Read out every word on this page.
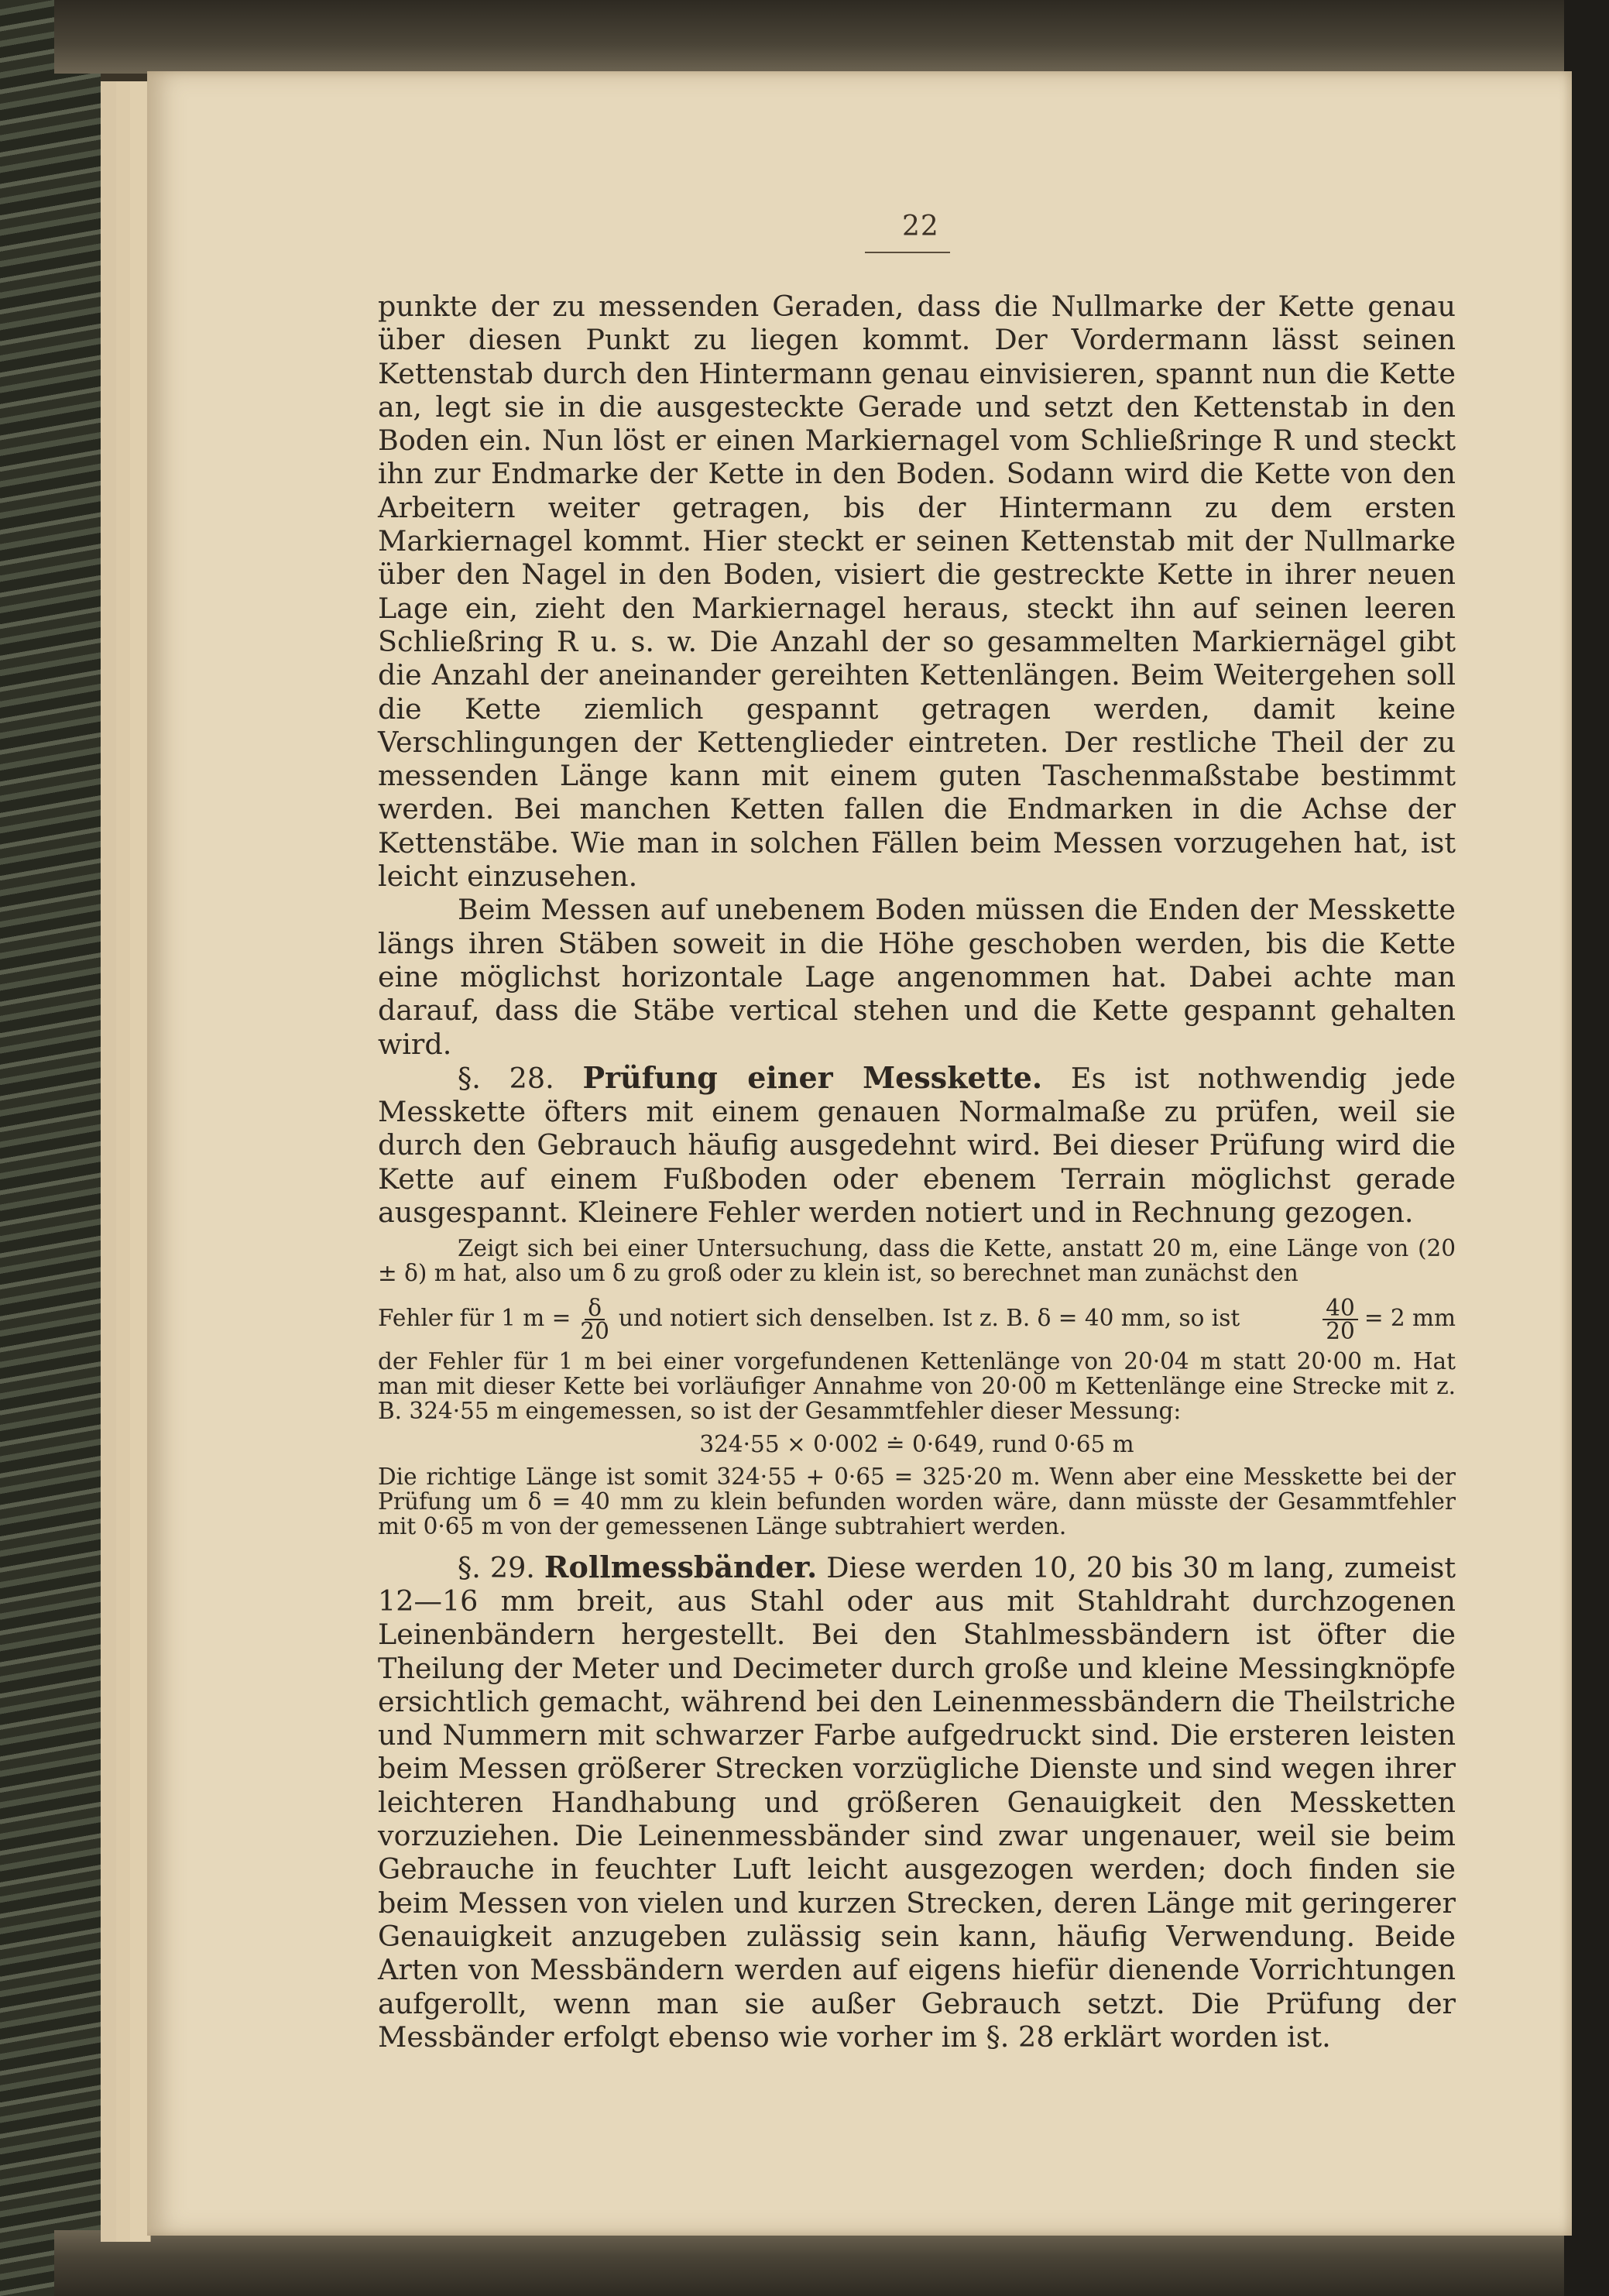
22

punkte der zu messenden Geraden, dass die Nullmarke der Kette genau über diesen Punkt zu liegen kommt. Der Vordermann lässt seinen Kettenstab durch den Hintermann genau einvisieren, spannt nun die Kette an, legt sie in die ausgesteckte Gerade und setzt den Kettenstab in den Boden ein. Nun löst er einen Markiernagel vom Schließringe R und steckt ihn zur Endmarke der Kette in den Boden. Sodann wird die Kette von den Arbeitern weiter getragen, bis der Hintermann zu dem ersten Markiernagel kommt. Hier steckt er seinen Kettenstab mit der Nullmarke über den Nagel in den Boden, visiert die gestreckte Kette in ihrer neuen Lage ein, zieht den Markiernagel heraus, steckt ihn auf seinen leeren Schließring R u. s. w. Die Anzahl der so gesammelten Markiernägel gibt die Anzahl der aneinander gereihten Kettenlängen. Beim Weitergehen soll die Kette ziemlich gespannt getragen werden, damit keine Verschlingungen der Kettenglieder eintreten. Der restliche Theil der zu messenden Länge kann mit einem guten Taschenmaßstabe bestimmt werden. Bei manchen Ketten fallen die Endmarken in die Achse der Kettenstäbe. Wie man in solchen Fällen beim Messen vorzugehen hat, ist leicht einzusehen.

Beim Messen auf unebenem Boden müssen die Enden der Messkette längs ihren Stäben soweit in die Höhe geschoben werden, bis die Kette eine möglichst horizontale Lage angenommen hat. Dabei achte man darauf, dass die Stäbe vertical stehen und die Kette gespannt gehalten wird.

§. 28. Prüfung einer Messkette. Es ist nothwendig jede Messkette öfters mit einem genauen Normalmaße zu prüfen, weil sie durch den Gebrauch häufig ausgedehnt wird. Bei dieser Prüfung wird die Kette auf einem Fußboden oder ebenem Terrain möglichst gerade ausgespannt. Kleinere Fehler werden notiert und in Rechnung gezogen.

Zeigt sich bei einer Untersuchung, dass die Kette, anstatt 20 m, eine Länge von (20 ± δ) m hat, also um δ zu groß oder zu klein ist, so berechnet man zunächst den

Fehler für 1 $m = \frac{\delta}{20}$ und notiert sich denselben. Ist z. B. δ = 40 mm, so ist	$\frac{40}{20} = 2$ mm

der Fehler für 1 m bei einer vorgefundenen Kettenlänge von 20·04 m statt 20·00 m. Hat man mit dieser Kette bei vorläufiger Annahme von 20·00 m Kettenlänge eine Strecke mit z. B. 324·55 m eingemessen, so ist der Gesammtfehler dieser Messung:

324·55 × 0·002 ≐ 0·649, rund 0·65 m

Die richtige Länge ist somit 324·55 + 0·65 = 325·20 m. Wenn aber eine Messkette bei der Prüfung um δ = 40 mm zu klein befunden worden wäre, dann müsste der Gesammtfehler mit 0·65 m von der gemessenen Länge subtrahiert werden.

§. 29. Rollmessbänder. Diese werden 10, 20 bis 30 m lang, zumeist 12—16 mm breit, aus Stahl oder aus mit Stahldraht durchzogenen Leinenbändern hergestellt. Bei den Stahlmessbändern ist öfter die Theilung der Meter und Decimeter durch große und kleine Messingknöpfe ersichtlich gemacht, während bei den Leinenmessbändern die Theilstriche und Nummern mit schwarzer Farbe aufgedruckt sind. Die ersteren leisten beim Messen größerer Strecken vorzügliche Dienste und sind wegen ihrer leichteren Handhabung und größeren Genauigkeit den Messketten vorzuziehen. Die Leinenmessbänder sind zwar ungenauer, weil sie beim Gebrauche in feuchter Luft leicht ausgezogen werden; doch finden sie beim Messen von vielen und kurzen Strecken, deren Länge mit geringerer Genauigkeit anzugeben zulässig sein kann, häufig Verwendung. Beide Arten von Messbändern werden auf eigens hiefür dienende Vorrichtungen aufgerollt, wenn man sie außer Gebrauch setzt. Die Prüfung der Messbänder erfolgt ebenso wie vorher im §. 28 erklärt worden ist.
